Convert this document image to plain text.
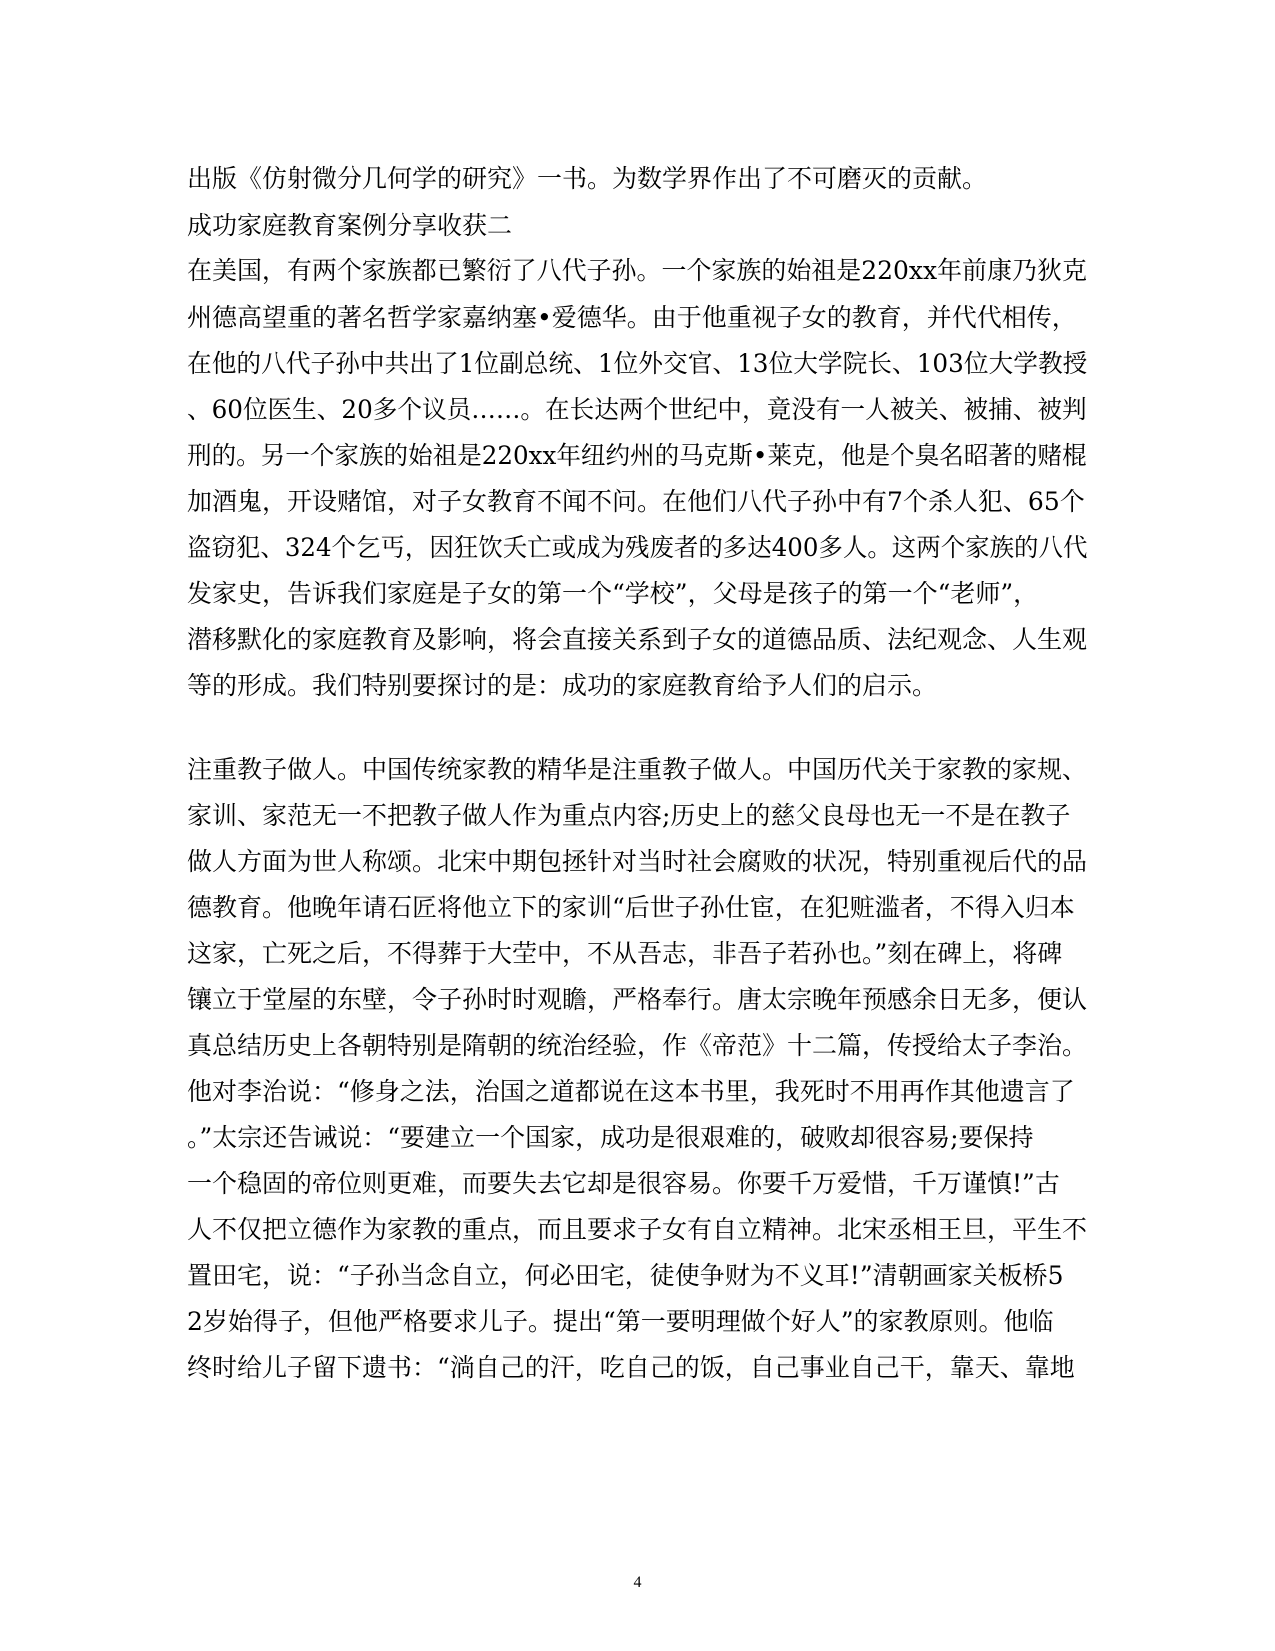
出版《仿射微分几何学的研究》一书。为数学界作出了不可磨灭的贡献。
成功家庭教育案例分享收获二
在美国，有两个家族都已繁衍了八代子孙。一个家族的始祖是220xx年前康乃狄克
州德高望重的著名哲学家嘉纳塞•爱德华。由于他重视子女的教育，并代代相传，
在他的八代子孙中共出了1位副总统、1位外交官、13位大学院长、103位大学教授
、60位医生、20多个议员……。在长达两个世纪中，竟没有一人被关、被捕、被判
刑的。另一个家族的始祖是220xx年纽约州的马克斯•莱克，他是个臭名昭著的赌棍
加酒鬼，开设赌馆，对子女教育不闻不问。在他们八代子孙中有7个杀人犯、65个
盗窃犯、324个乞丐，因狂饮夭亡或成为残废者的多达400多人。这两个家族的八代
发家史，告诉我们家庭是子女的第一个“学校”，父母是孩子的第一个“老师”，
潜移默化的家庭教育及影响，将会直接关系到子女的道德品质、法纪观念、人生观
等的形成。我们特别要探讨的是：成功的家庭教育给予人们的启示。
注重教子做人。中国传统家教的精华是注重教子做人。中国历代关于家教的家规、
家训、家范无一不把教子做人作为重点内容;历史上的慈父良母也无一不是在教子
做人方面为世人称颂。北宋中期包拯针对当时社会腐败的状况，特别重视后代的品
德教育。他晚年请石匠将他立下的家训“后世子孙仕宦，在犯赃滥者，不得入归本
这家，亡死之后，不得葬于大茔中，不从吾志，非吾子若孙也。”刻在碑上，将碑
镶立于堂屋的东壁，令子孙时时观瞻，严格奉行。唐太宗晚年预感余日无多，便认
真总结历史上各朝特别是隋朝的统治经验，作《帝范》十二篇，传授给太子李治。
他对李治说：“修身之法，治国之道都说在这本书里，我死时不用再作其他遗言了
。”太宗还告诫说：“要建立一个国家，成功是很艰难的，破败却很容易;要保持
一个稳固的帝位则更难，而要失去它却是很容易。你要千万爱惜，千万谨慎!”古
人不仅把立德作为家教的重点，而且要求子女有自立精神。北宋丞相王旦，平生不
置田宅，说：“子孙当念自立，何必田宅，徒使争财为不义耳!”清朝画家关板桥5
2岁始得子，但他严格要求儿子。提出“第一要明理做个好人”的家教原则。他临
终时给儿子留下遗书：“淌自己的汗，吃自己的饭，自己事业自己干，靠天、靠地
4
